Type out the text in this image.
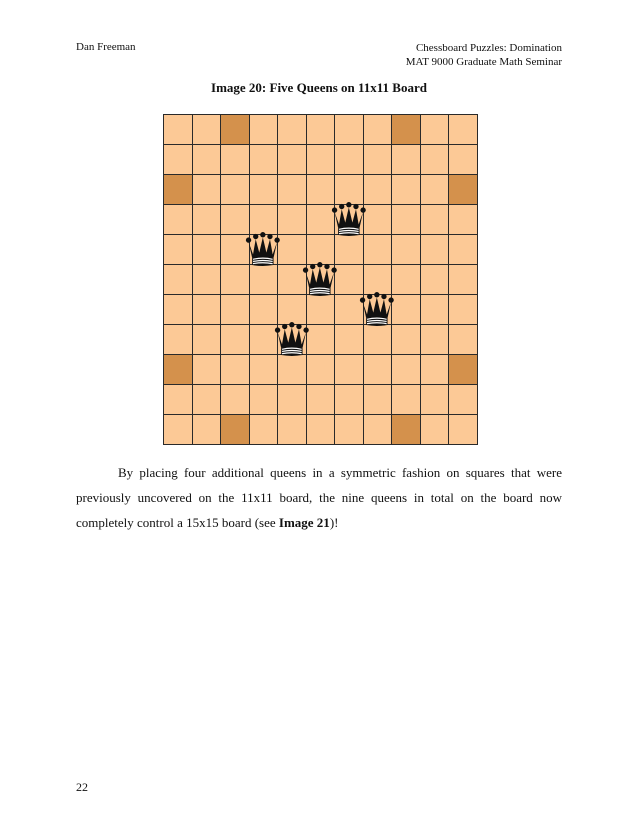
Dan Freeman	Chessboard Puzzles: Domination
MAT 9000 Graduate Math Seminar
Image 20: Five Queens on 11x11 Board

By placing four additional queens in a symmetric fashion on squares that were previously uncovered on the 11x11 board, the nine queens in total on the board now completely control a 15x15 board (see Image 21)!

22
